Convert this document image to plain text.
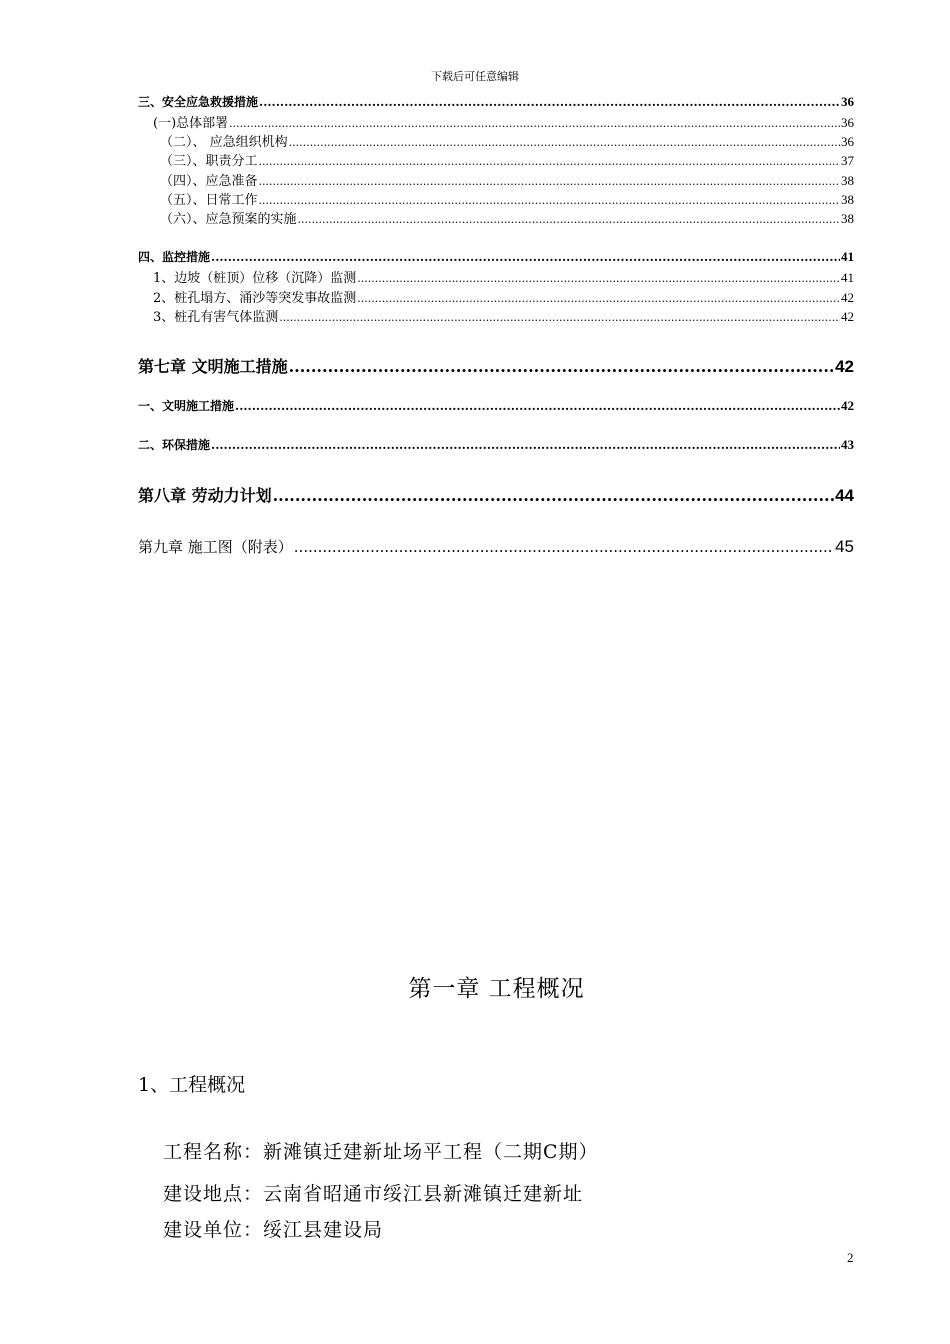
下载后可任意编辑
三、安全应急救援措施 .....	36
(一)总体部署 .....	36
（二）、 应急组织机构 .....	36
（三）、职责分工 .....	37
（四）、应急准备 .....	38
（五）、日常工作 .....	38
（六）、应急预案的实施 .....	38
四、监控措施 .....	41
1、边坡（桩顶）位移（沉降）监测 .....	41
2、桩孔塌方、涌沙等突发事故监测 .....	42
3、桩孔有害气体监测 .....	42
第七章 文明施工措施 .....	42
一、文明施工措施 .....	42
二、环保措施 .....	43
第八章 劳动力计划 .....	44
第九章 施工图（附表） .....	45
第一章 工程概况
1、工程概况
工程名称：新滩镇迁建新址场平工程（二期C期）
建设地点：云南省昭通市绥江县新滩镇迁建新址
建设单位：绥江县建设局
2
